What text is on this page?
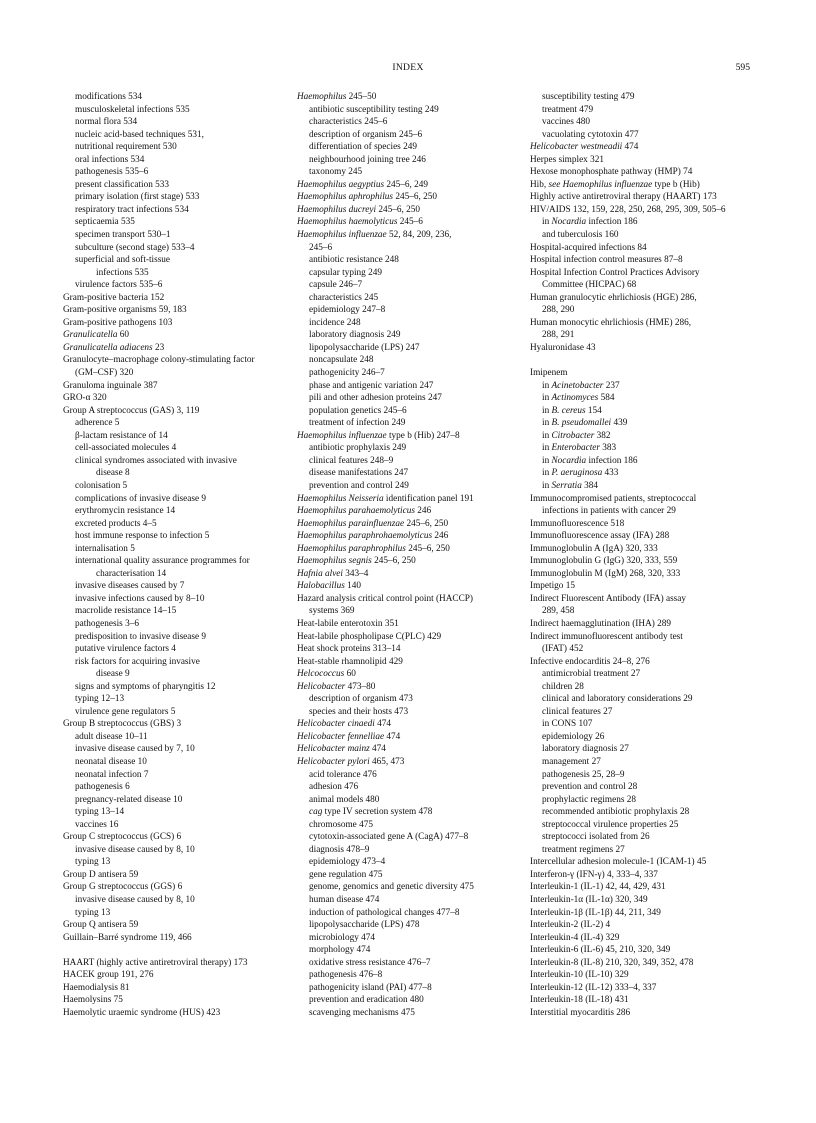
INDEX	595
modifications 534
musculoskeletal infections 535
normal flora 534
nucleic acid-based techniques 531,
nutritional requirement 530
oral infections 534
pathogenesis 535–6
present classification 533
primary isolation (first stage) 533
respiratory tract infections 534
septicaemia 535
specimen transport 530–1
subculture (second stage) 533–4
superficial and soft-tissue
infections 535
virulence factors 535–6
Gram-positive bacteria 152
Gram-positive organisms 59, 183
Gram-positive pathogens 103
Granulicatella 60
Granulicatella adiacens 23
Granulocyte–macrophage colony-stimulating factor
(GM–CSF) 320
Granuloma inguinale 387
GRO-α 320
Group A streptococcus (GAS) 3, 119
adherence 5
β-lactam resistance of 14
cell-associated molecules 4
clinical syndromes associated with invasive
disease 8
colonisation 5
complications of invasive disease 9
erythromycin resistance 14
excreted products 4–5
host immune response to infection 5
internalisation 5
international quality assurance programmes for
characterisation 14
invasive diseases caused by 7
invasive infections caused by 8–10
macrolide resistance 14–15
pathogenesis 3–6
predisposition to invasive disease 9
putative virulence factors 4
risk factors for acquiring invasive
disease 9
signs and symptoms of pharyngitis 12
typing 12–13
virulence gene regulators 5
Group B streptococcus (GBS) 3
adult disease 10–11
invasive disease caused by 7, 10
neonatal disease 10
neonatal infection 7
pathogenesis 6
pregnancy-related disease 10
typing 13–14
vaccines 16
Group C streptococcus (GCS) 6
invasive disease caused by 8, 10
typing 13
Group D antisera 59
Group G streptococcus (GGS) 6
invasive disease caused by 8, 10
typing 13
Group Q antisera 59
Guillain–Barré syndrome 119, 466
HAART (highly active antiretroviral therapy) 173
HACEK group 191, 276
Haemodialysis 81
Haemolysins 75
Haemolytic uraemic syndrome (HUS) 423
Haemophilus 245–50
antibiotic susceptibility testing 249
characteristics 245–6
description of organism 245–6
differentiation of species 249
neighbourhood joining tree 246
taxonomy 245
Haemophilus aegyptius 245–6, 249
Haemophilus aphrophilus 245–6, 250
Haemophilus ducreyi 245–6, 250
Haemophilus haemolyticus 245–6
Haemophilus influenzae 52, 84, 209, 236,
245–6
antibiotic resistance 248
capsular typing 249
capsule 246–7
characteristics 245
epidemiology 247–8
incidence 248
laboratory diagnosis 249
lipopolysaccharide (LPS) 247
noncapsulate 248
pathogenicity 246–7
phase and antigenic variation 247
pili and other adhesion proteins 247
population genetics 245–6
treatment of infection 249
Haemophilus influenzae type b (Hib) 247–8
antibiotic prophylaxis 249
clinical features 248–9
disease manifestations 247
prevention and control 249
Haemophilus Neisseria identification panel 191
Haemophilus parahaemolyticus 246
Haemophilus parainfluenzae 245–6, 250
Haemophilus paraphrohaemolyticus 246
Haemophilus paraphrophilus 245–6, 250
Haemophilus segnis 245–6, 250
Hafnia alvei 343–4
Halobacillus 140
Hazard analysis critical control point (HACCP)
systems 369
Heat-labile enterotoxin 351
Heat-labile phospholipase C(PLC) 429
Heat shock proteins 313–14
Heat-stable rhamnolipid 429
Helcococcus 60
Helicobacter 473–80
description of organism 473
species and their hosts 473
Helicobacter cinaedi 474
Helicobacter fennelliae 474
Helicobacter mainz 474
Helicobacter pylori 465, 473
acid tolerance 476
adhesion 476
animal models 480
cag type IV secretion system 478
chromosome 475
cytotoxin-associated gene A (CagA) 477–8
diagnosis 478–9
epidemiology 473–4
gene regulation 475
genome, genomics and genetic diversity 475
human disease 474
induction of pathological changes 477–8
lipopolysaccharide (LPS) 478
microbiology 474
morphology 474
oxidative stress resistance 476–7
pathogenesis 476–8
pathogenicity island (PAI) 477–8
prevention and eradication 480
scavenging mechanisms 475
susceptibility testing 479
treatment 479
vaccines 480
vacuolating cytotoxin 477
Helicobacter westmeadii 474
Herpes simplex 321
Hexose monophosphate pathway (HMP) 74
Hib, see Haemophilus influenzae type b (Hib)
Highly active antiretroviral therapy (HAART) 173
HIV/AIDS 132, 159, 228, 250, 268, 295, 309, 505–6
in Nocardia infection 186
and tuberculosis 160
Hospital-acquired infections 84
Hospital infection control measures 87–8
Hospital Infection Control Practices Advisory
Committee (HICPAC) 68
Human granulocytic ehrlichiosis (HGE) 286,
288, 290
Human monocytic ehrlichiosis (HME) 286,
288, 291
Hyaluronidase 43
Imipenem
in Acinetobacter 237
in Actinomyces 584
in B. cereus 154
in B. pseudomallei 439
in Citrobacter 382
in Enterobacter 383
in Nocardia infection 186
in P. aeruginosa 433
in Serratia 384
Immunocompromised patients, streptococcal
infections in patients with cancer 29
Immunofluorescence 518
Immunofluorescence assay (IFA) 288
Immunoglobulin A (IgA) 320, 333
Immunoglobulin G (IgG) 320, 333, 559
Immunoglobulin M (IgM) 268, 320, 333
Impetigo 15
Indirect Fluorescent Antibody (IFA) assay
289, 458
Indirect haemagglutination (IHA) 289
Indirect immunofluorescent antibody test
(IFAT) 452
Infective endocarditis 24–8, 276
antimicrobial treatment 27
children 28
clinical and laboratory considerations 29
clinical features 27
in CONS 107
epidemiology 26
laboratory diagnosis 27
management 27
pathogenesis 25, 28–9
prevention and control 28
prophylactic regimens 28
recommended antibiotic prophylaxis 28
streptococcal virulence properties 25
streptococci isolated from 26
treatment regimens 27
Intercellular adhesion molecule-1 (ICAM-1) 45
Interferon-γ (IFN-γ) 4, 333–4, 337
Interleukin-1 (IL-1) 42, 44, 429, 431
Interleukin-1α (IL-1α) 320, 349
Interleukin-1β (IL-1β) 44, 211, 349
Interleukin-2 (IL-2) 4
Interleukin-4 (IL-4) 329
Interleukin-6 (IL-6) 45, 210, 320, 349
Interleukin-8 (IL-8) 210, 320, 349, 352, 478
Interleukin-10 (IL-10) 329
Interleukin-12 (IL-12) 333–4, 337
Interleukin-18 (IL-18) 431
Interstitial myocarditis 286
